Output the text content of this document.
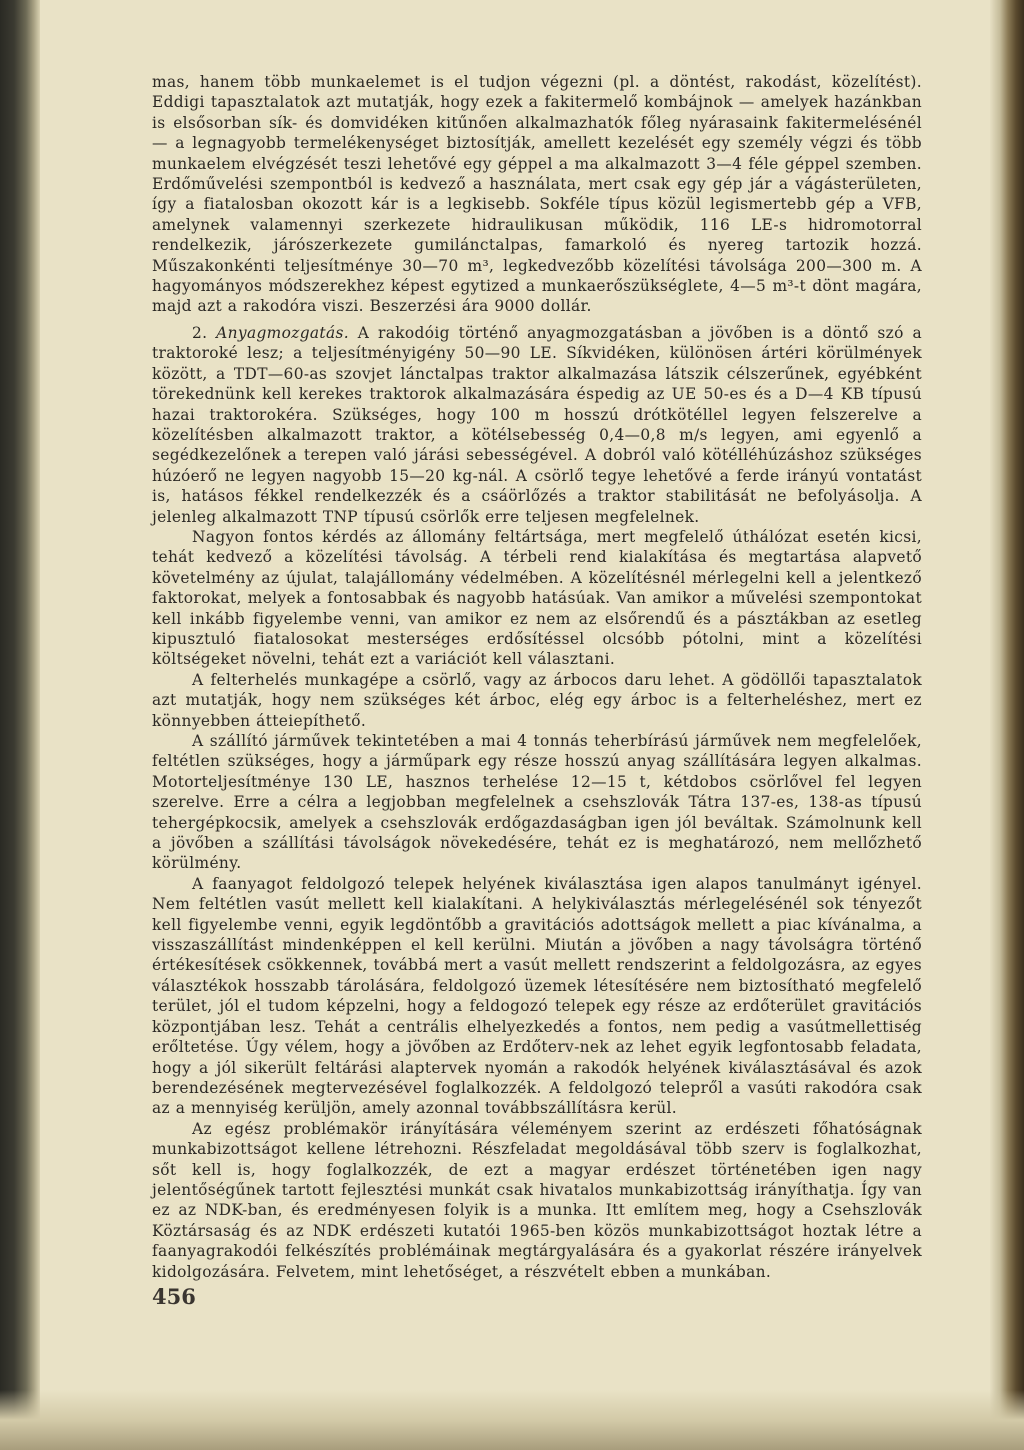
mas, hanem több munkaelemet is el tudjon végezni (pl. a döntést, rakodást, közelítést). Eddigi tapasztalatok azt mutatják, hogy ezek a fakitermelő kombájnok — amelyek hazánkban is elsősorban sík- és domvidéken kitűnően alkalmazhatók főleg nyárasaink fakitermelésénél — a legnagyobb termelékenységet biztosítják, amellett kezelését egy személy végzi és több munkaelem elvégzését teszi lehetővé egy géppel a ma alkalmazott 3—4 féle géppel szemben. Erdőművelési szempontból is kedvező a használata, mert csak egy gép jár a vágásterületen, így a fiatalosban okozott kár is a legkisebb. Sokféle típus közül legismertebb gép a VFB, amelynek valamennyi szerkezete hidraulikusan működik, 116 LE-s hidromotorral rendelkezik, járószerkezete gumilánctalpas, famarkoló és nyereg tartozik hozzá. Műszakonkénti teljesítménye 30—70 m³, legkedvezőbb közelítési távolsága 200—300 m. A hagyományos módszerekhez képest egytized a munkaerőszükséglete, 4—5 m³-t dönt magára, majd azt a rakodóra viszi. Beszerzési ára 9000 dollár.

2. Anyagmozgatás. A rakodóig történő anyagmozgatásban a jövőben is a döntő szó a traktoroké lesz; a teljesítményigény 50—90 LE. Síkvidéken, különösen ártéri körülmények között, a TDT—60-as szovjet lánctalpas traktor alkalmazása látszik célszerűnek, egyébként törekednünk kell kerekes traktorok alkalmazására éspedig az UE 50-es és a D—4 KB típusú hazai traktorokéra. Szükséges, hogy 100 m hosszú drótkötéllel legyen felszerelve a közelítésben alkalmazott traktor, a kötélsebesség 0,4—0,8 m/s legyen, ami egyenlő a segédkezelőnek a terepen való járási sebességével. A dobról való kötélléhúzáshoz szükséges húzóerő ne legyen nagyobb 15—20 kg-nál. A csörlő tegye lehetővé a ferde irányú vontatást is, hatásos fékkel rendelkezzék és a csáörlőzés a traktor stabilitását ne befolyásolja. A jelenleg alkalmazott TNP típusú csörlők erre teljesen megfelelnek.

Nagyon fontos kérdés az állomány feltártsága, mert megfelelő úthálózat esetén kicsi, tehát kedvező a közelítési távolság. A térbeli rend kialakítása és megtartása alapvető követelmény az újulat, talajállomány védelmében. A közelítésnél mérlegelni kell a jelentkező faktorokat, melyek a fontosabbak és nagyobb hatásúak. Van amikor a művelési szempontokat kell inkább figyelembe venni, van amikor ez nem az elsőrendű és a pásztákban az esetleg kipusztuló fiatalosokat mesterséges erdősítéssel olcsóbb pótolni, mint a közelítési költségeket növelni, tehát ezt a variációt kell választani.

A felterhelés munkagépe a csörlő, vagy az árbocos daru lehet. A gödöllői tapasztalatok azt mutatják, hogy nem szükséges két árboc, elég egy árboc is a felterheléshez, mert ez könnyebben átteiepíthető.

A szállító járművek tekintetében a mai 4 tonnás teherbírású járművek nem megfelelőek, feltétlen szükséges, hogy a járműpark egy része hosszú anyag szállítására legyen alkalmas. Motorteljesítménye 130 LE, hasznos terhelése 12—15 t, kétdobos csörlővel fel legyen szerelve. Erre a célra a legjobban megfelelnek a csehszlovák Tátra 137-es, 138-as típusú tehergépkocsik, amelyek a csehszlovák erdőgazdaságban igen jól beváltak. Számolnunk kell a jövőben a szállítási távolságok növekedésére, tehát ez is meghatározó, nem mellőzhető körülmény.

A faanyagot feldolgozó telepek helyének kiválasztása igen alapos tanulmányt igényel. Nem feltétlen vasút mellett kell kialakítani. A helykiválasztás mérlegelésénél sok tényezőt kell figyelembe venni, egyik legdöntőbb a gravitációs adottságok mellett a piac kívánalma, a visszaszállítást mindenképpen el kell kerülni. Miután a jövőben a nagy távolságra történő értékesítések csökkennek, továbbá mert a vasút mellett rendszerint a feldolgozásra, az egyes választékok hosszabb tárolására, feldolgozó üzemek létesítésére nem biztosítható megfelelő terület, jól el tudom képzelni, hogy a feldogozó telepek egy része az erdőterület gravitációs központjában lesz. Tehát a centrális elhelyezkedés a fontos, nem pedig a vasútmellettiség erőltetése. Úgy vélem, hogy a jövőben az Erdőterv-nek az lehet egyik legfontosabb feladata, hogy a jól sikerült feltárási alaptervek nyomán a rakodók helyének kiválasztásával és azok berendezésének megtervezésével foglalkozzék. A feldolgozó telepről a vasúti rakodóra csak az a mennyiség kerüljön, amely azonnal továbbszállításra kerül.

Az egész problémakör irányítására véleményem szerint az erdészeti főhatóságnak munkabizottságot kellene létrehozni. Részfeladat megoldásával több szerv is foglalkozhat, sőt kell is, hogy foglalkozzék, de ezt a magyar erdészet történetében igen nagy jelentőségűnek tartott fejlesztési munkát csak hivatalos munkabizottság irányíthatja. Így van ez az NDK-ban, és eredményesen folyik is a munka. Itt említem meg, hogy a Csehszlovák Köztársaság és az NDK erdészeti kutatói 1965-ben közös munkabizottságot hoztak létre a faanyagrakodói felkészítés problémáinak megtárgyalására és a gyakorlat részére irányelvek kidolgozására. Felvetem, mint lehetőséget, a részvételt ebben a munkában.

456
